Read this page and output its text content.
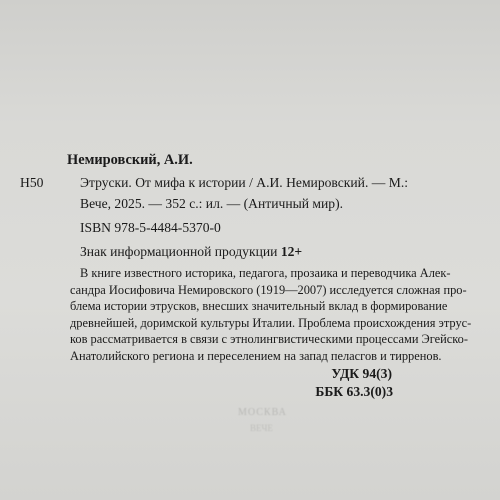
Немировский, А.И.
Н50	Этруски. От мифа к истории / А.И. Немировский. — М.:
Вече, 2025. — 352 с.: ил. — (Античный мир).
ISBN 978-5-4484-5370-0
Знак информационной продукции 12+
В книге известного историка, педагога, прозаика и переводчика Алек-
сандра Иосифовича Немировского (1919—2007) исследуется сложная про-
блема истории этрусков, внесших значительный вклад в формирование
древнейшей, доримской культуры Италии. Проблема происхождения этрус-
ков рассматривается в связи с этнолингвистическими процессами Эгейско-
Анатолийского региона и переселением на запад пеласгов и тирренов.
УДК 94(3)
ББК 63.3(0)3
МОСКВА
ВЕЧЕ
